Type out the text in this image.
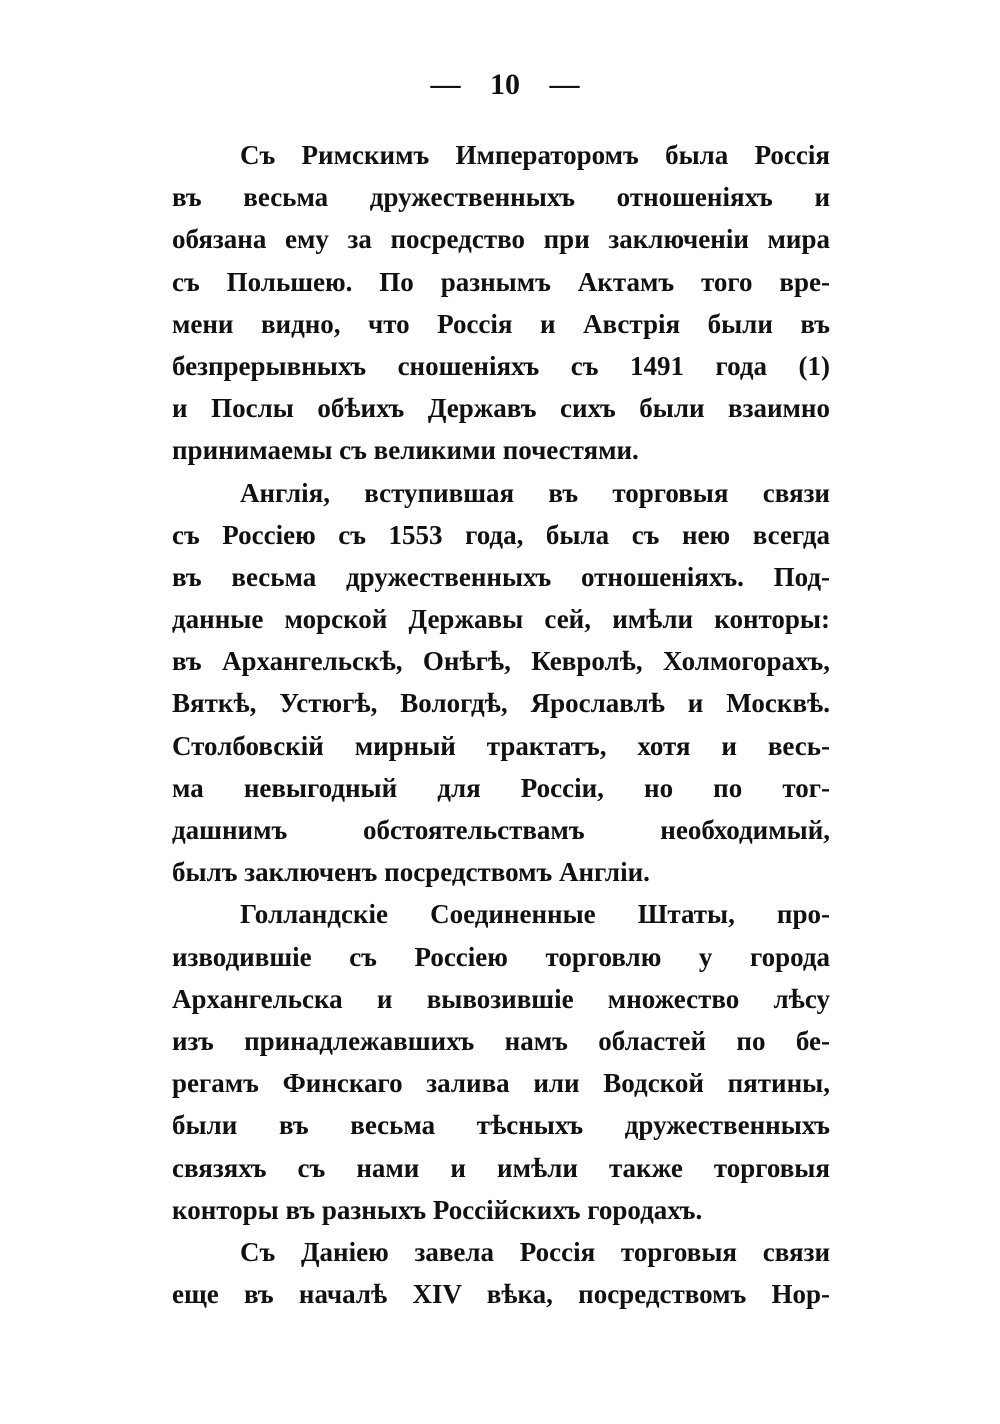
— 10 —
Съ Римскимъ Императоромъ была Россія
въ весьма дружественныхъ отношеніяхъ и
обязана ему за посредство при заключеніи мира
съ Польшею. По разнымъ Актамъ того вре-
мени видно, что Россія и Австрія были въ
безпрерывныхъ сношеніяхъ съ 1491 года (1)
и Послы обѣихъ Державъ сихъ были взаимно
принимаемы съ великими почестями.
Англія, вступившая въ торговыя связи
съ Россіею съ 1553 года, была съ нею всегда
въ весьма дружественныхъ отношеніяхъ. Под-
данные морской Державы сей, имѣли конторы:
въ Архангельскѣ, Онѣгѣ, Кевролѣ, Холмогорахъ,
Вяткѣ, Устюгѣ, Вологдѣ, Ярославлѣ и Москвѣ.
Столбовскій мирный трактатъ, хотя и весь-
ма невыгодный для Россіи, но по тог-
дашнимъ обстоятельствамъ необходимый,
былъ заключенъ посредствомъ Англіи.
Голландскіе Соединенные Штаты, про-
изводившіе съ Россіею торговлю у города
Архангельска и вывозившіе множество лѣсу
изъ принадлежавшихъ намъ областей по бе-
регамъ Финскаго залива или Водской пятины,
были въ весьма тѣсныхъ дружественныхъ
связяхъ съ нами и имѣли также торговыя
конторы въ разныхъ Россійскихъ городахъ.
Съ Даніею завела Россія торговыя связи
еще въ началѣ XIV вѣка, посредствомъ Нор-
